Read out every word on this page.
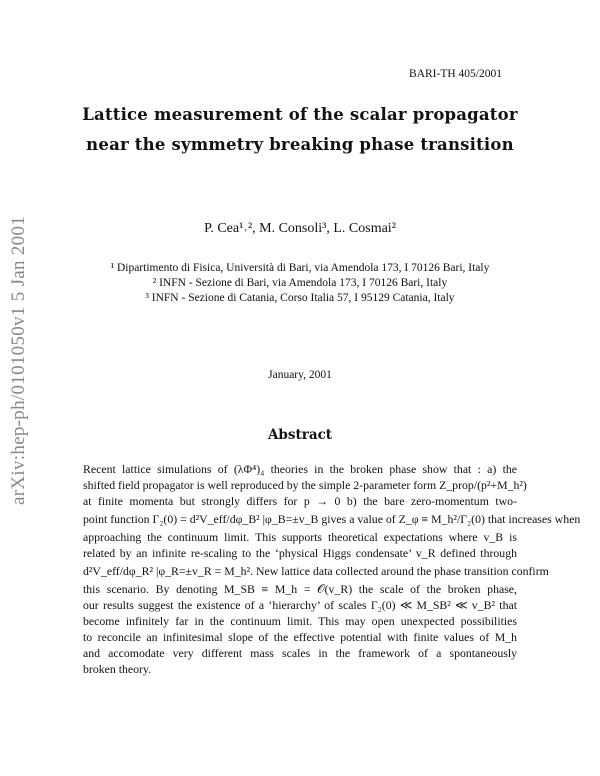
arXiv:hep-ph/0101050v1 5 Jan 2001
BARI-TH 405/2001
Lattice measurement of the scalar propagator
near the symmetry breaking phase transition
P. Cea¹˒², M. Consoli³, L. Cosmai²
¹ Dipartimento di Fisica, Università di Bari, via Amendola 173, I 70126 Bari, Italy
² INFN - Sezione di Bari, via Amendola 173, I 70126 Bari, Italy
³ INFN - Sezione di Catania, Corso Italia 57, I 95129 Catania, Italy
January, 2001
Abstract
Recent lattice simulations of (λΦ⁴)₄ theories in the broken phase show that : a) the
shifted field propagator is well reproduced by the simple 2-parameter form Z_prop/(p²+M_h²)
at finite momenta but strongly differs for p → 0 b) the bare zero-momentum two-
point function Γ₂(0) = d²V_eff/dφ_B² |φ_B=±v_B gives a value of Z_φ ≡ M_h²/Γ₂(0) that increases when
approaching the continuum limit. This supports theoretical expectations where v_B is
related by an infinite re-scaling to the ‘physical Higgs condensate’ v_R defined through
d²V_eff/dφ_R² |φ_R=±v_R = M_h². New lattice data collected around the phase transition confirm
this scenario. By denoting M_SB ≡ M_h = 𝒪(v_R) the scale of the broken phase,
our results suggest the existence of a ‘hierarchy’ of scales Γ₂(0) ≪ M_SB² ≪ v_B² that
become infinitely far in the continuum limit. This may open unexpected possibilities
to reconcile an infinitesimal slope of the effective potential with finite values of M_h
and accomodate very different mass scales in the framework of a spontaneously
broken theory.
